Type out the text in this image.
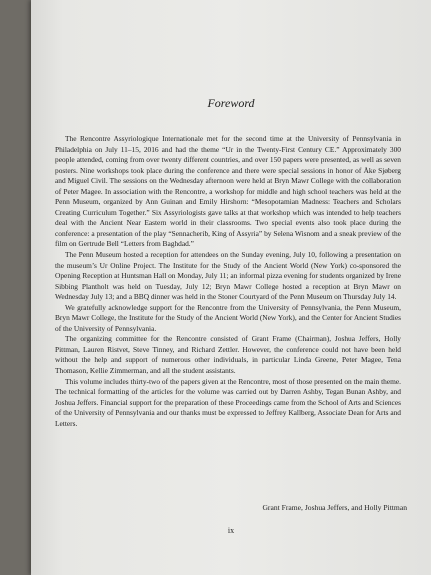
Foreword

The Rencontre Assyriologique Internationale met for the second time at the University of Pennsylvania in Philadelphia on July 11–15, 2016 and had the theme “Ur in the Twenty-First Century CE.” Approximately 300 people attended, coming from over twenty different countries, and over 150 papers were presented, as well as seven posters. Nine workshops took place during the conference and there were special sessions in honor of Åke Sjøberg and Miguel Civil. The sessions on the Wednesday afternoon were held at Bryn Mawr College with the collaboration of Peter Magee. In association with the Rencontre, a workshop for middle and high school teachers was held at the Penn Museum, organized by Ann Guinan and Emily Hirshorn: “Mesopotamian Madness: Teachers and Scholars Creating Curriculum Together.” Six Assyriologists gave talks at that workshop which was intended to help teachers deal with the Ancient Near Eastern world in their classrooms. Two special events also took place during the conference: a presentation of the play “Sennacherib, King of Assyria” by Selena Wisnom and a sneak preview of the film on Gertrude Bell “Letters from Baghdad.”

The Penn Museum hosted a reception for attendees on the Sunday evening, July 10, following a presentation on the museum’s Ur Online Project. The Institute for the Study of the Ancient World (New York) co-sponsored the Opening Reception at Huntsman Hall on Monday, July 11; an informal pizza evening for students organized by Irene Sibbing Plantholt was held on Tuesday, July 12; Bryn Mawr College hosted a reception at Bryn Mawr on Wednesday July 13; and a BBQ dinner was held in the Stoner Courtyard of the Penn Museum on Thursday July 14.

We gratefully acknowledge support for the Rencontre from the University of Pennsylvania, the Penn Museum, Bryn Mawr College, the Institute for the Study of the Ancient World (New York), and the Center for Ancient Studies of the University of Pennsylvania.

The organizing committee for the Rencontre consisted of Grant Frame (Chairman), Joshua Jeffers, Holly Pittman, Lauren Ristvet, Steve Tinney, and Richard Zettler. However, the conference could not have been held without the help and support of numerous other individuals, in particular Linda Greene, Peter Magee, Tena Thomason, Kellie Zimmerman, and all the student assistants.

This volume includes thirty-two of the papers given at the Rencontre, most of those presented on the main theme. The technical formatting of the articles for the volume was carried out by Darren Ashby, Tegan Bunan Ashby, and Joshua Jeffers. Financial support for the preparation of these Proceedings came from the School of Arts and Sciences of the University of Pennsylvania and our thanks must be expressed to Jeffrey Kallberg, Associate Dean for Arts and Letters.

Grant Frame, Joshua Jeffers, and Holly Pittman
ix
